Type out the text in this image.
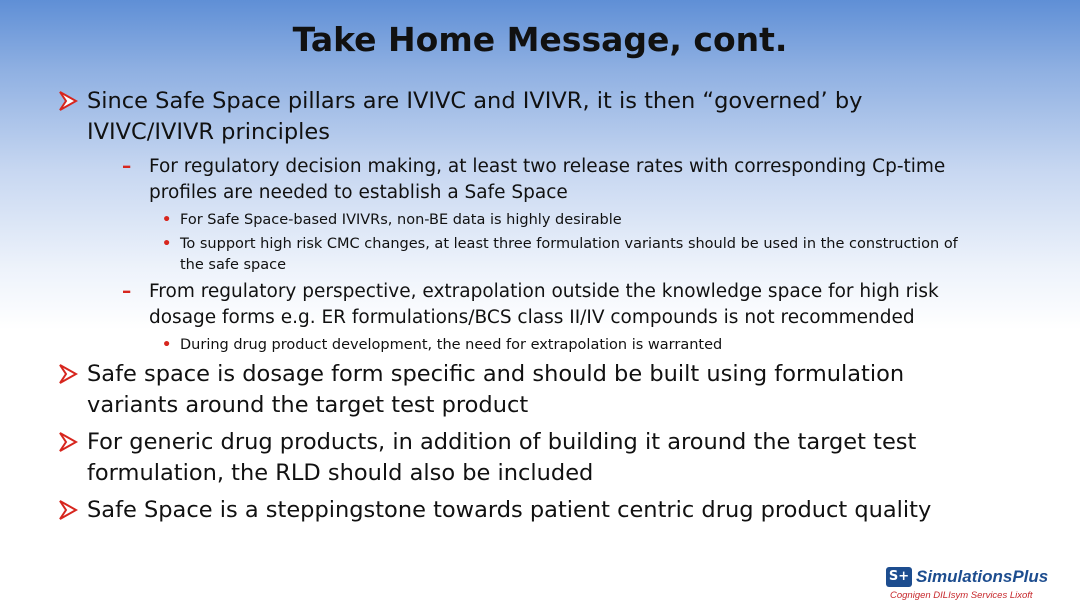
Take Home Message, cont.
Since Safe Space pillars are IVIVC and IVIVR, it is then “governed’ by IVIVC/IVIVR principles
– For regulatory decision making, at least two release rates with corresponding Cp-time profiles are needed to establish a Safe Space
• For Safe Space-based IVIVRs, non-BE data is highly desirable
• To support high risk CMC changes, at least three formulation variants should be used in the construction of the safe space
– From regulatory perspective, extrapolation outside the knowledge space for high risk dosage forms e.g. ER formulations/BCS class II/IV compounds is not recommended
• During drug product development, the need for extrapolation is warranted
Safe space is dosage form specific and should be built using formulation variants around the target test product
For generic drug products, in addition of building it around the target test formulation, the RLD should also be included
Safe Space is a steppingstone towards patient centric drug product quality
S+ SimulationsPlus
Cognigen DILIsym Services Lixoft
